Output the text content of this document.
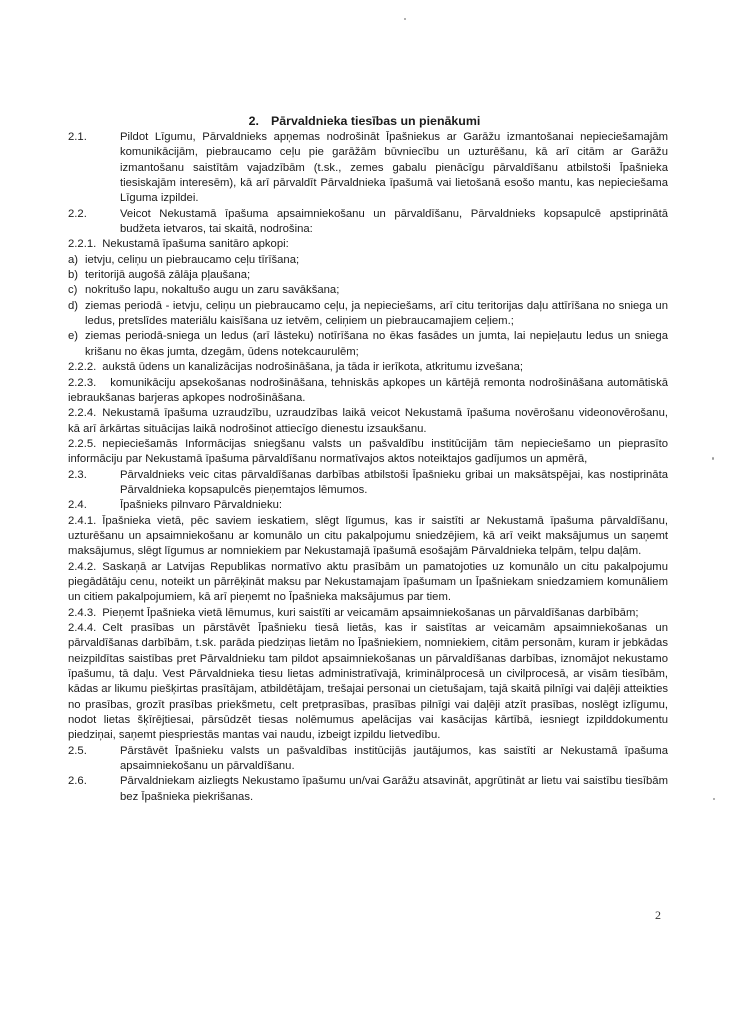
2. Pārvaldnieka tiesības un pienākumi

2.1.	Pildot Līgumu, Pārvaldnieks apņemas nodrošināt Īpašniekus ar Garāžu izmantošanai nepieciešamajām komunikācijām, piebraucamo ceļu pie garāžām būvniecību un uzturēšanu, kā arī citām ar Garāžu izmantošanu saistītām vajadzībām (t.sk., zemes gabalu pienācīgu pārvaldīšanu atbilstoši Īpašnieka tiesiskajām interesēm), kā arī pārvaldīt Pārvaldnieka īpašumā vai lietošanā esošo mantu, kas nepieciešama Līguma izpildei.

2.2.	Veicot Nekustamā īpašuma apsaimniekošanu un pārvaldīšanu, Pārvaldnieks kopsapulcē apstiprinātā budžeta ietvaros, tai skaitā, nodrošina:

2.2.1. Nekustamā īpašuma sanitāro apkopi:

a) ietvju, celiņu un piebraucamo ceļu tīrīšana;

b) teritorijā augošā zālāja pļaušana;

c) nokritušo lapu, nokaltušo augu un zaru savākšana;

d) ziemas periodā - ietvju, celiņu un piebraucamo ceļu, ja nepieciešams, arī citu teritorijas daļu attīrīšana no sniega un ledus, pretslīdes materiālu kaisīšana uz ietvēm, celiņiem un piebraucamajiem ceļiem.;

e) ziemas periodā-sniega un ledus (arī lāsteku) notīrīšana no ēkas fasādes un jumta, lai nepieļautu ledus un sniega krišanu no ēkas jumta, dzegām, ūdens notekcaurulēm;

2.2.2. aukstā ūdens un kanalizācijas nodrošināšana, ja tāda ir ierīkota, atkritumu izvešana;

2.2.3. komunikāciju apsekošanas nodrošināšana, tehniskās apkopes un kārtējā remonta nodrošināšana automātiskā iebraukšanas barjeras apkopes nodrošināšana.

2.2.4. Nekustamā īpašuma uzraudzību, uzraudzības laikā veicot Nekustamā īpašuma novērošanu videonovērošanu, kā arī ārkārtas situācijas laikā nodrošinot attiecīgo dienestu izsaukšanu.

2.2.5. nepieciešamās Informācijas sniegšanu valsts un pašvaldību institūcijām tām nepieciešamo un pieprasīto informāciju par Nekustamā īpašuma pārvaldīšanu normatīvajos aktos noteiktajos gadījumos un apmērā,

2.3.	Pārvaldnieks veic citas pārvaldīšanas darbības atbilstoši Īpašnieku gribai un maksātspējai, kas nostiprināta Pārvaldnieka kopsapulcēs pieņemtajos lēmumos.

2.4.	Īpašnieks pilnvaro Pārvaldnieku:

2.4.1. Īpašnieka vietā, pēc saviem ieskatiem, slēgt līgumus, kas ir saistīti ar Nekustamā īpašuma pārvaldīšanu, uzturēšanu un apsaimniekošanu ar komunālo un citu pakalpojumu sniedzējiem, kā arī veikt maksājumus un saņemt maksājumus, slēgt līgumus ar nomniekiem par Nekustamajā īpašumā esošajām Pārvaldnieka telpām, telpu daļām.

2.4.2. Saskaņā ar Latvijas Republikas normatīvo aktu prasībām un pamatojoties uz komunālo un citu pakalpojumu piegādātāju cenu, noteikt un pārrēķināt maksu par Nekustamajam īpašumam un Īpašniekam sniedzamiem komunāliem un citiem pakalpojumiem, kā arī pieņemt no Īpašnieka maksājumus par tiem.

2.4.3. Pieņemt Īpašnieka vietā lēmumus, kuri saistīti ar veicamām apsaimniekošanas un pārvaldīšanas darbībām;

2.4.4. Celt prasības un pārstāvēt Īpašnieku tiesā lietās, kas ir saistītas ar veicamām apsaimniekošanas un pārvaldīšanas darbībām, t.sk. parāda piedziņas lietām no Īpašniekiem, nomniekiem, citām personām, kuram ir jebkādas neizpildītas saistības pret Pārvaldnieku tam pildot apsaimniekošanas un pārvaldīšanas darbības, iznomājot nekustamo īpašumu, tā daļu. Vest Pārvaldnieka tiesu lietas administratīvajā, kriminālprocesā un civilprocesā, ar visām tiesībām, kādas ar likumu piešķirtas prasītājam, atbildētājam, trešajai personai un cietušajam, tajā skaitā pilnīgi vai daļēji atteikties no prasības, grozīt prasības priekšmetu, celt pretprasības, prasības pilnīgi vai daļēji atzīt prasības, noslēgt izlīgumu, nodot lietas šķīrējtiesai, pārsūdzēt tiesas nolēmumus apelācijas vai kasācijas kārtībā, iesniegt izpilddokumentu piedziņai, saņemt piespriestās mantas vai naudu, izbeigt izpildu lietvedību.

2.5.	Pārstāvēt Īpašnieku valsts un pašvaldības institūcijās jautājumos, kas saistīti ar Nekustamā īpašuma apsaimniekošanu un pārvaldīšanu.

2.6.	Pārvaldniekam aizliegts Nekustamo īpašumu un/vai Garāžu atsavināt, apgrūtināt ar lietu vai saistību tiesībām bez Īpašnieka piekrišanas.

2
